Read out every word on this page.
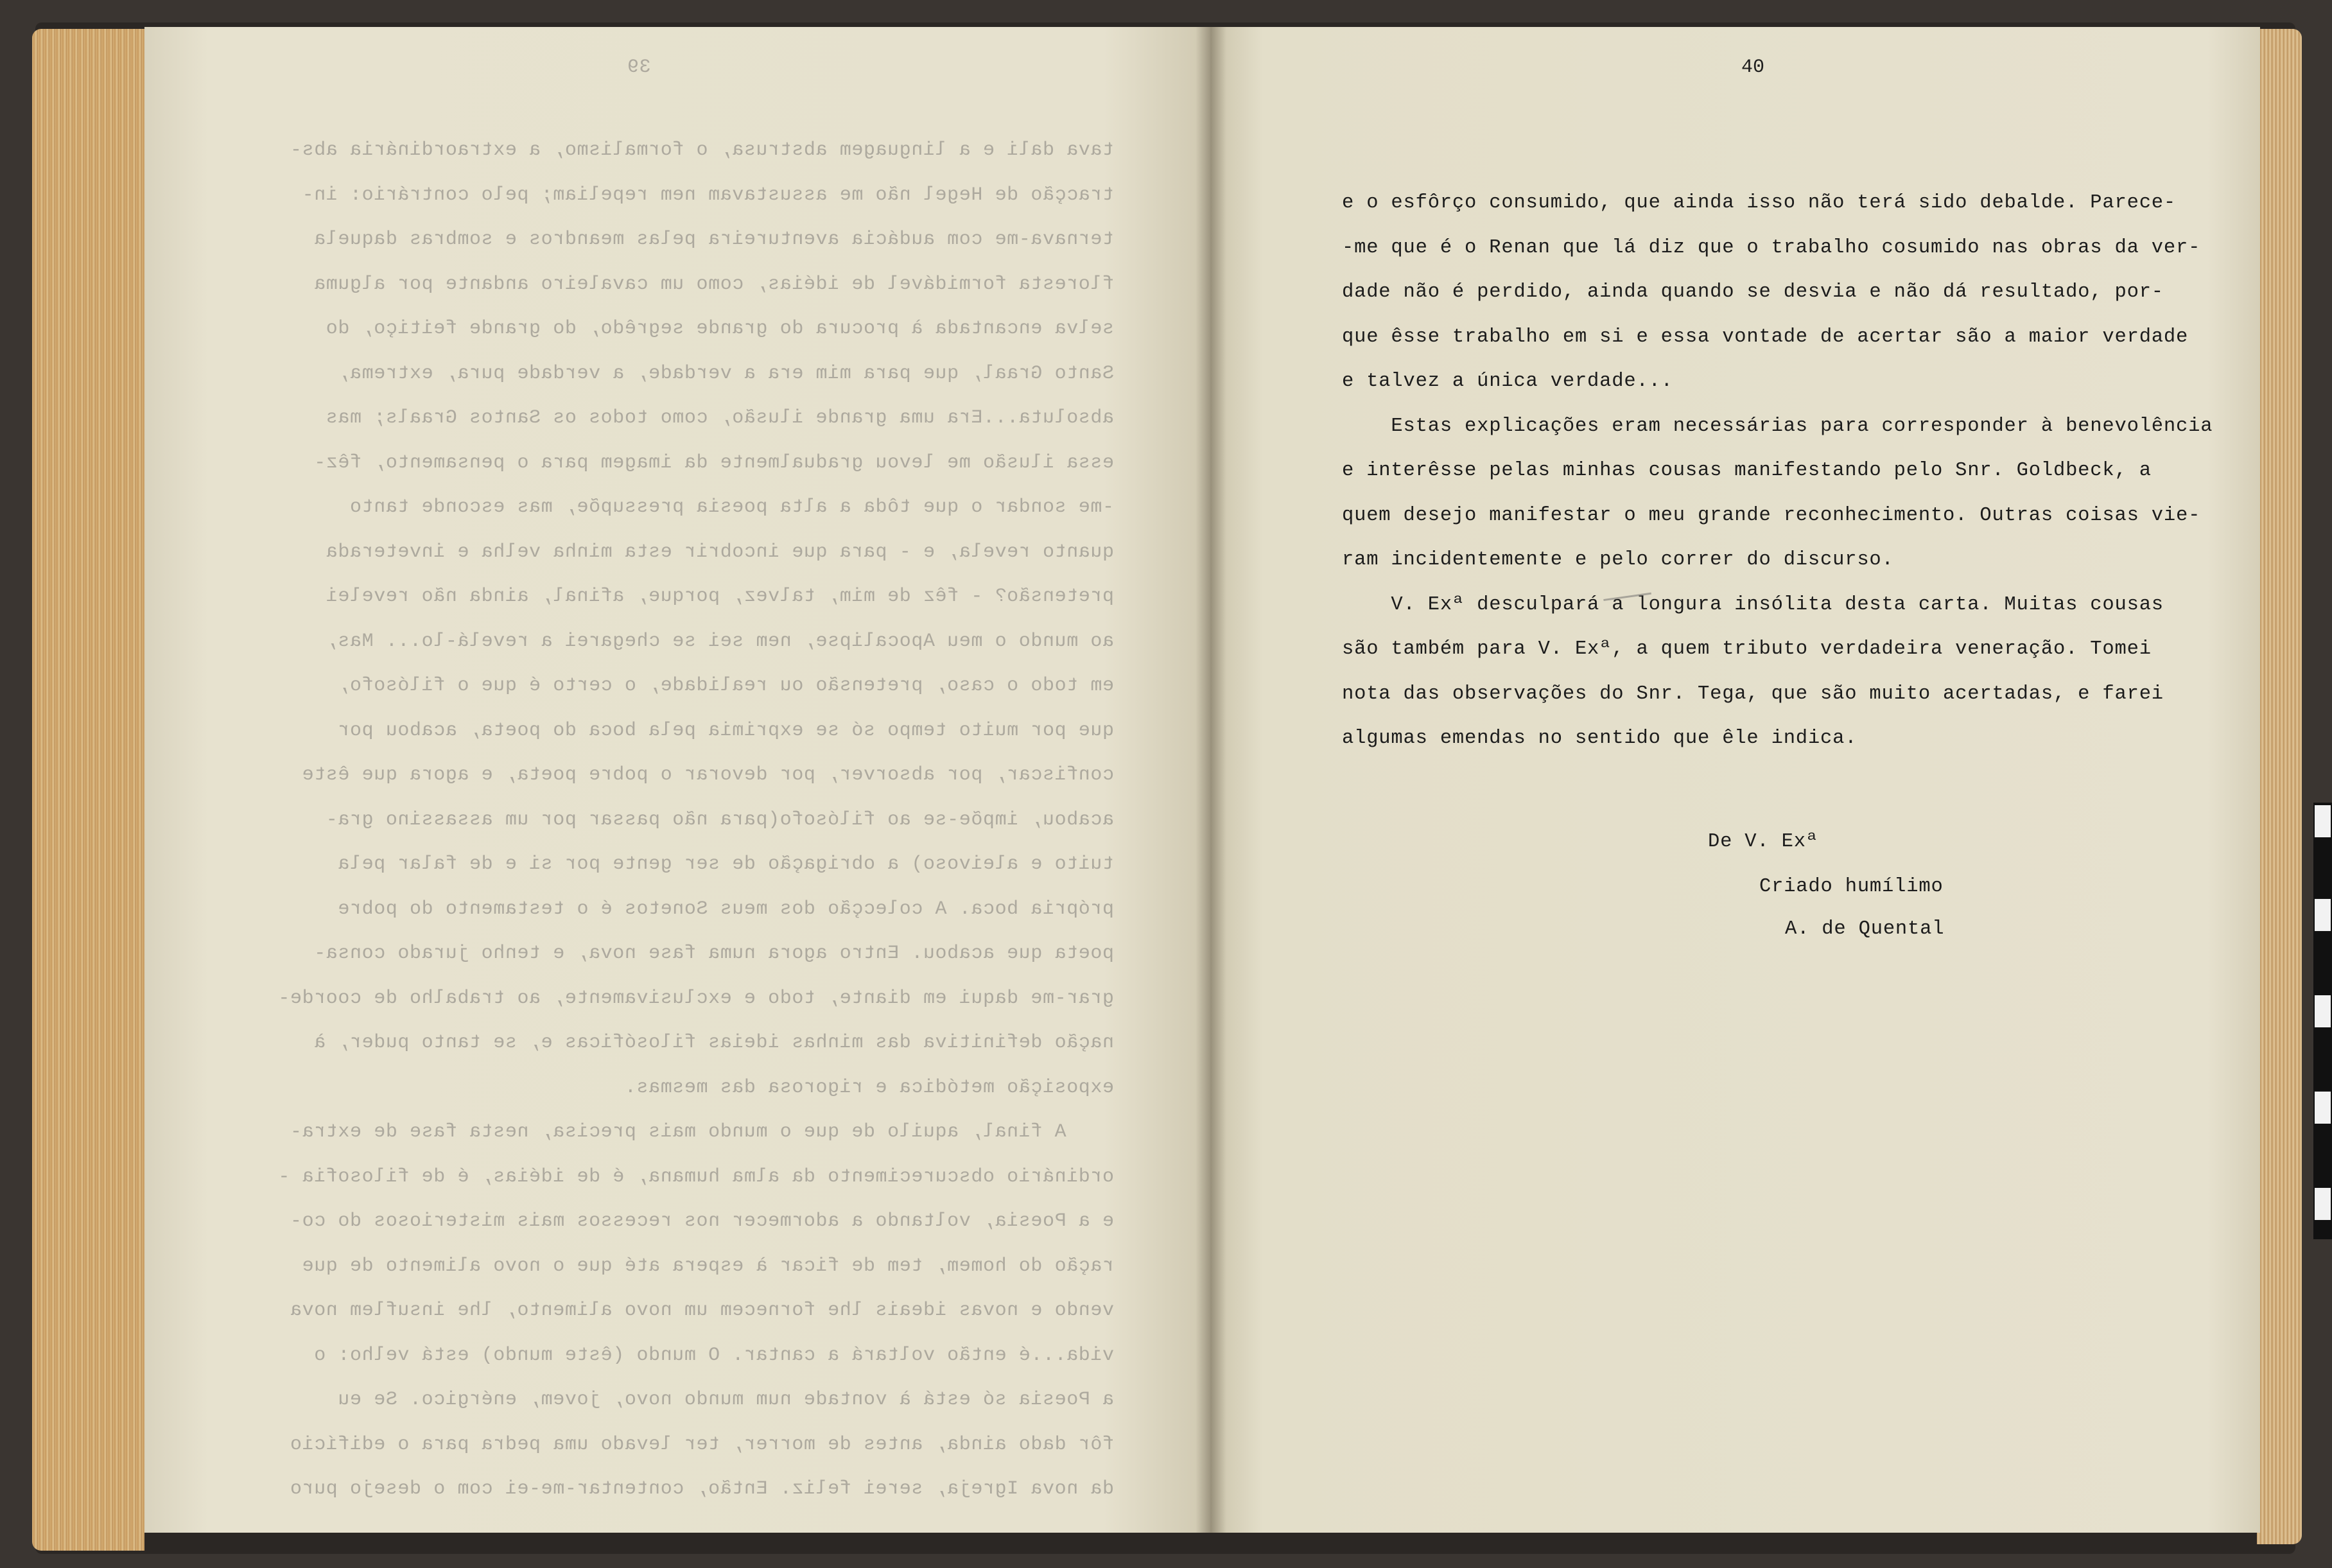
39
tava dali e a linguagem abstrusa, o formalismo, a extraordinária abs-
tracção de Hegel não me assustavam nem repeliam; pelo contrário: in-
ternava-me com audácia aventureira pelas meandros e sombras daquela
floresta formidável de idéias, como um cavaleiro andante por alguma
selva encantada à procura do grande segrêdo, do grande feitiço, do
Santo Graal, que para mim era a verdade, a verdade pura, extrema,
absoluta...Era uma grande ilusão, como todos os Santos Graals; mas
essa ilusão me levou gradualmente da imagem para o pensamento, fêz-
-me sondar o que tôda a alta poesia pressupõe, mas esconde tanto
quanto revela, e - para que incobrir esta minha velha e inveterada
pretensão? - fêz de mim, talvez, porque, afinal, ainda não revelei
ao mundo o meu Apocalipse, nem sei se chegarei a revelá-lo... Mas,
em todo o caso, pretensão ou realidade, o certo é que o filósofo,
que por muito tempo só se exprimia pela boca do poeta, acabou por
confiscar, por absorver, por devorar o pobre poeta, e agora que êste
acabou, impõe-se ao filósofo(para não passar por um assassino gra-
tuito e aleivoso) a obrigação de ser gente por si e de falar pela
própria boca. A colecção dos meus Sonetos é o testamento do pobre
poeta que acabou. Entro agora numa fase nova, e tenho jurado consa-
grar-me daqui em diante, todo e exclusivamente, ao trabalho de coorde-
nação definitiva das minhas ideias filosóficas e, se tanto puder, à
exposição metódica e rigorosa das mesmas.
A final, aquilo de que o mundo mais precisa, nesta fase de extra-
ordinário obscurecimento da alma humana, é de idéias, é de filosofia -
e a Poesia, voltando a adormecer nos recessos mais misteriosos do co-
ração do homem, tem de ficar à espera até que o novo alimento de que
vendo e novas ideais lhe fornecem um novo alimento, lhe insuflem nova
vida...é então voltará a cantar. O mundo (êste mundo) está velho: o
a Poesia só está à vontade num mundo novo, jovem, enérgico. Se eu
fôr dado ainda, antes de morrer, ter levado uma pedra para o edifício
da nova Igreja, serei feliz. Então, contentar-me-ei com o desejo puro

40
e o esfôrço consumido, que ainda isso não terá sido debalde. Parece-
-me que é o Renan que lá diz que o trabalho cosumido nas obras da ver-
dade não é perdido, ainda quando se desvia e não dá resultado, por-
que êsse trabalho em si e essa vontade de acertar são a maior verdade
e talvez a única verdade...
Estas explicações eram necessárias para corresponder à benevolência
e interêsse pelas minhas cousas manifestando pelo Snr. Goldbeck, a
quem desejo manifestar o meu grande reconhecimento. Outras coisas vie-
ram incidentemente e pelo correr do discurso.
V. Exª desculpará a longura insólita desta carta. Muitas cousas
são também para V. Exª, a quem tributo verdadeira veneração. Tomei
nota das observações do Snr. Tega, que são muito acertadas, e farei
algumas emendas no sentido que êle indica.
De V. Exª
Criado humílimo
A. de Quental
